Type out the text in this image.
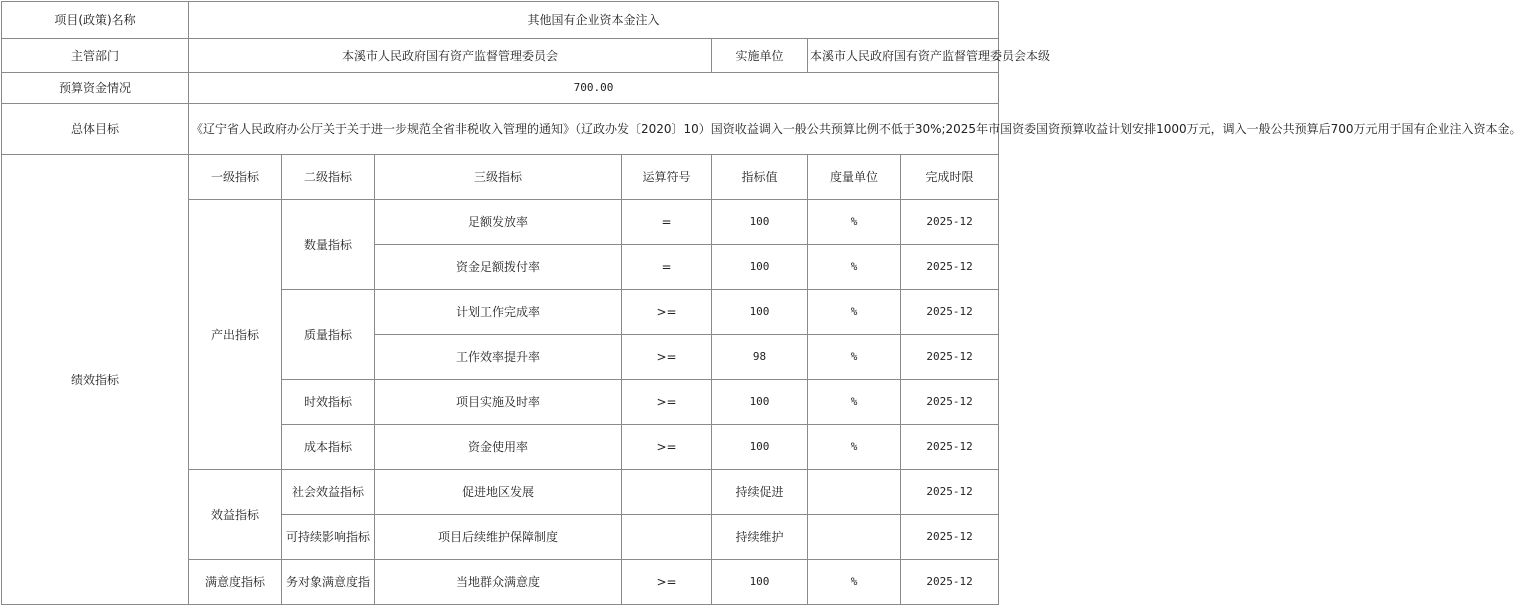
项目(政策)名称	其他国有企业资本金注入						
主管部门	本溪市人民政府国有资产监督管理委员会				实施单位	本溪市人民政府国有资产监督管理委员会本级	
预算资金情况	700.00						
总体目标	《辽宁省人民政府办公厅关于关于进一步规范全省非税收入管理的通知》（辽政办发〔2020〕10）国资收益调入一般公共预算比例不低于30%;2025年市国资委国资预算收益计划安排1000万元，调入一般公共预算后700万元用于国有企业注入资本金。						
绩效指标	一级指标	二级指标	三级指标	运算符号	指标值	度量单位	完成时限
	产出指标	数量指标	足额发放率	=	100	%	2025-12
			资金足额拨付率	=	100	%	2025-12
		质量指标	计划工作完成率	>=	100	%	2025-12
			工作效率提升率	>=	98	%	2025-12
		时效指标	项目实施及时率	>=	100	%	2025-12
		成本指标	资金使用率	>=	100	%	2025-12
	效益指标	社会效益指标	促进地区发展		持续促进		2025-12
		可持续影响指标	项目后续维护保障制度		持续维护		2025-12
	满意度指标	务对象满意度指	当地群众满意度	>=	100	%	2025-12
